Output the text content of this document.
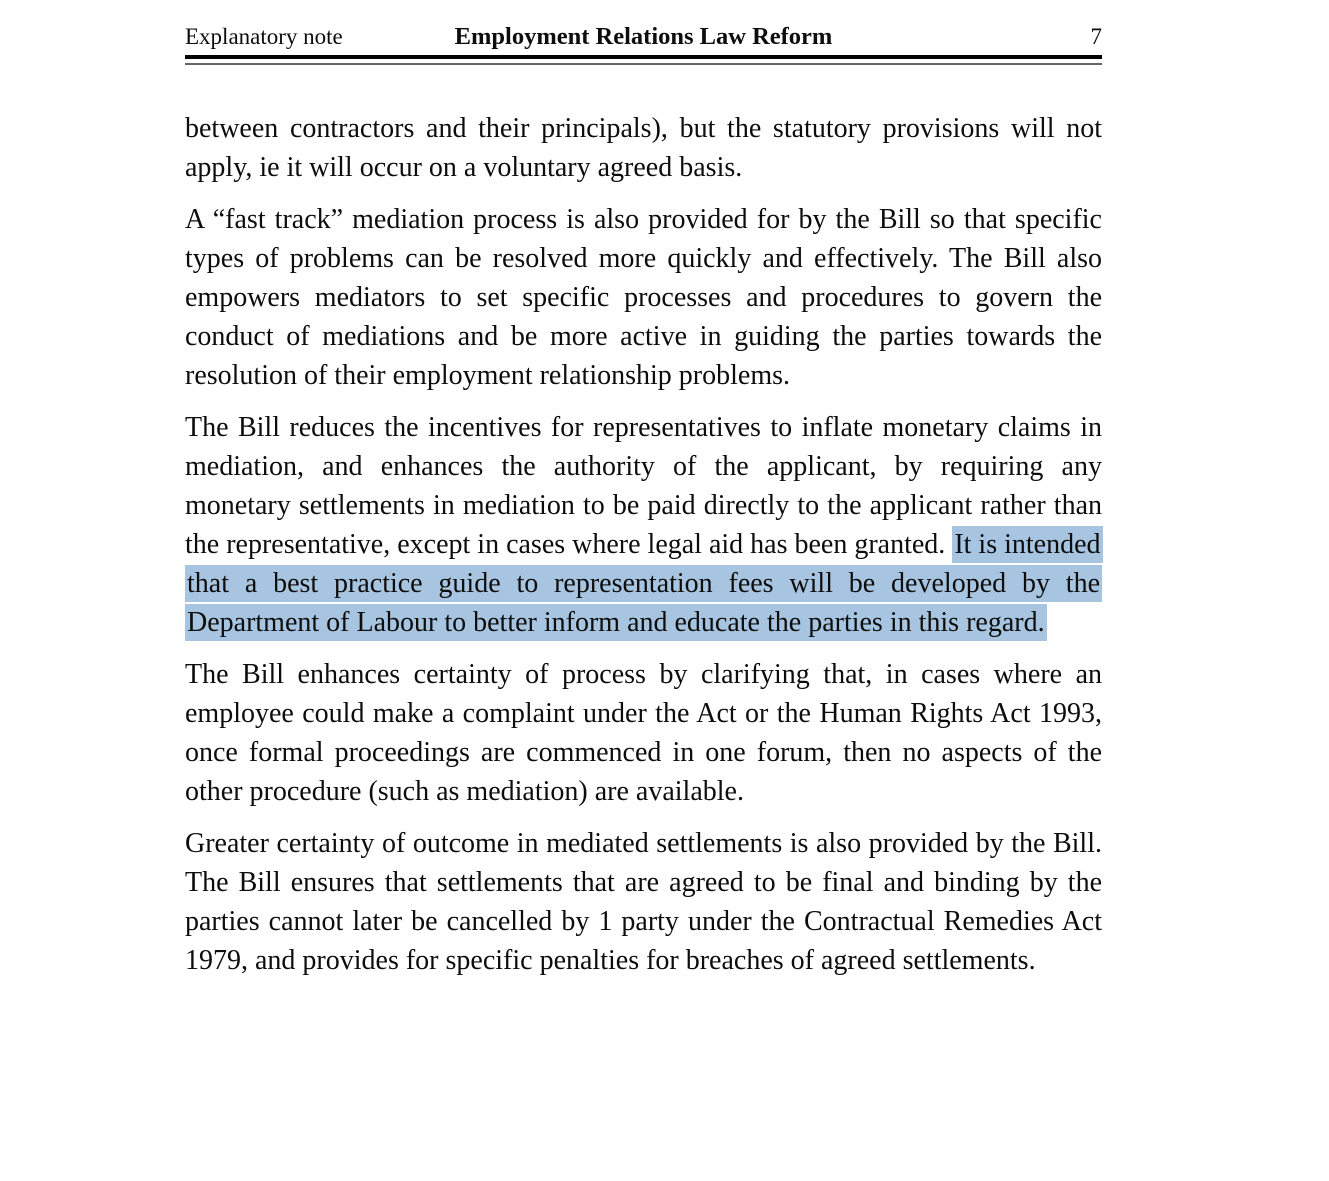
Explanatory note	Employment Relations Law Reform	7

between contractors and their principals), but the statutory provisions will not apply, ie it will occur on a voluntary agreed basis.

A “fast track” mediation process is also provided for by the Bill so that specific types of problems can be resolved more quickly and effectively. The Bill also empowers mediators to set specific processes and procedures to govern the conduct of mediations and be more active in guiding the parties towards the resolution of their employment relationship problems.

The Bill reduces the incentives for representatives to inflate monetary claims in mediation, and enhances the authority of the applicant, by requiring any monetary settlements in mediation to be paid directly to the applicant rather than the representative, except in cases where legal aid has been granted. It is intended that a best practice guide to representation fees will be developed by the Department of Labour to better inform and educate the parties in this regard.

The Bill enhances certainty of process by clarifying that, in cases where an employee could make a complaint under the Act or the Human Rights Act 1993, once formal proceedings are commenced in one forum, then no aspects of the other procedure (such as mediation) are available.

Greater certainty of outcome in mediated settlements is also provided by the Bill. The Bill ensures that settlements that are agreed to be final and binding by the parties cannot later be cancelled by 1 party under the Contractual Remedies Act 1979, and provides for specific penalties for breaches of agreed settlements.
